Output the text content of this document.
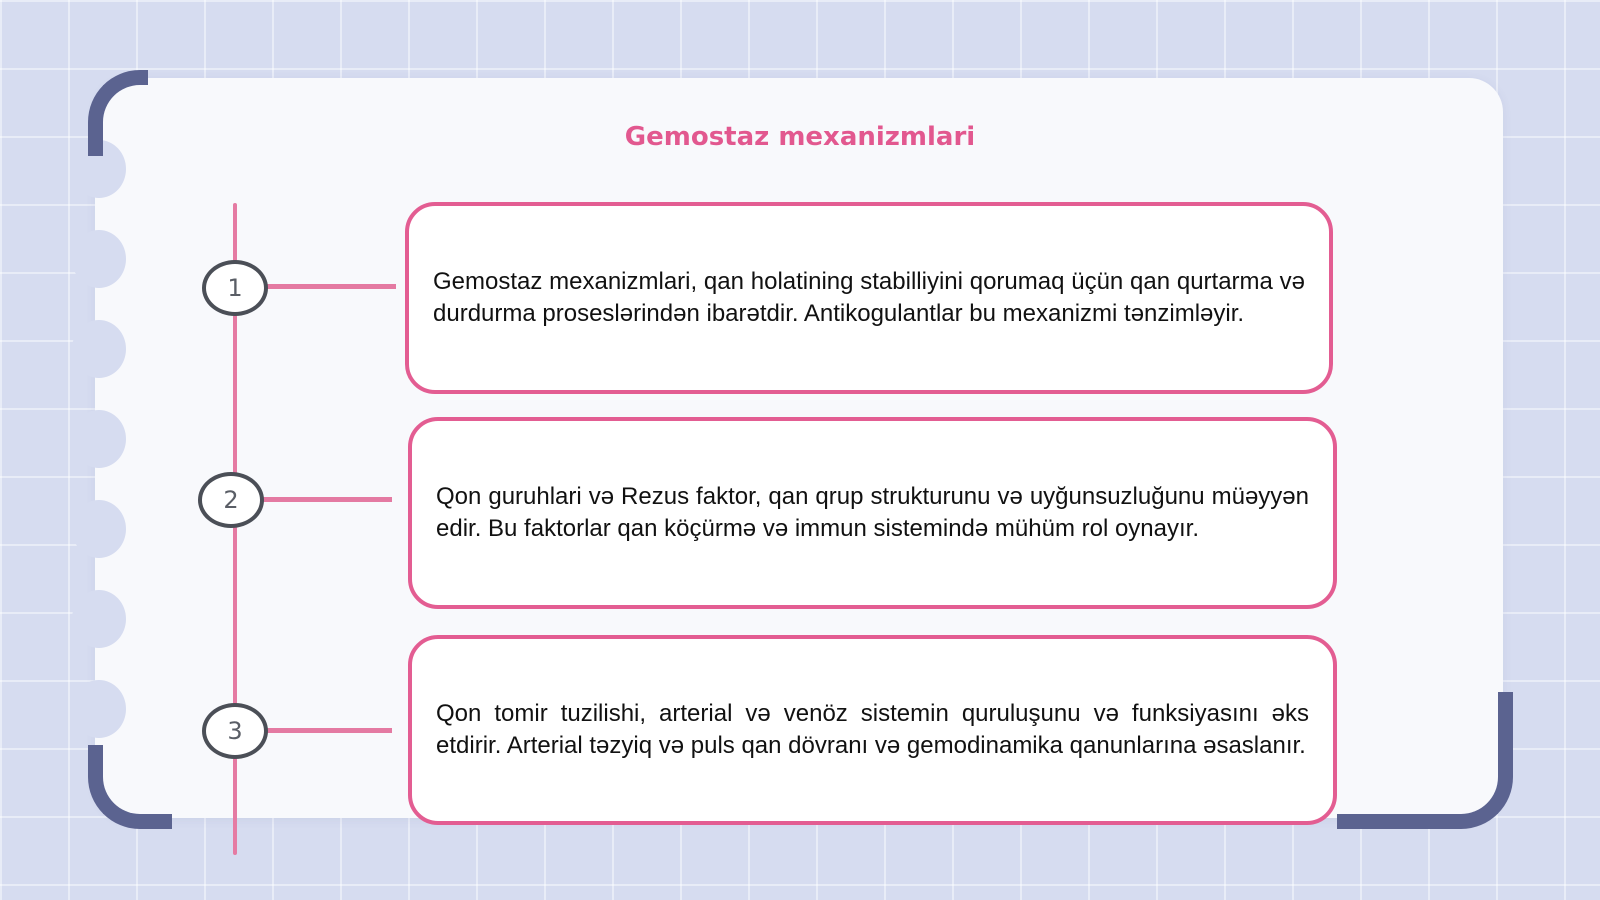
Gemostaz mexanizmlari
1
2
3

Gemostaz mexanizmlari, qan holatining stabilliyini qorumaq üçün qan qurtarma və durdurma proseslərindən ibarətdir. Antikogulantlar bu mexanizmi tənzimləyir.

Qon guruhlari və Rezus faktor, qan qrup strukturunu və uyğunsuzluğunu müəyyən edir. Bu faktorlar qan köçürmə və immun sistemində mühüm rol oynayır.

Qon tomir tuzilishi, arterial və venöz sistemin quruluşunu və funksiyasını əks etdirir. Arterial təzyiq və puls qan dövranı və gemodinamika qanunlarına əsaslanır.
